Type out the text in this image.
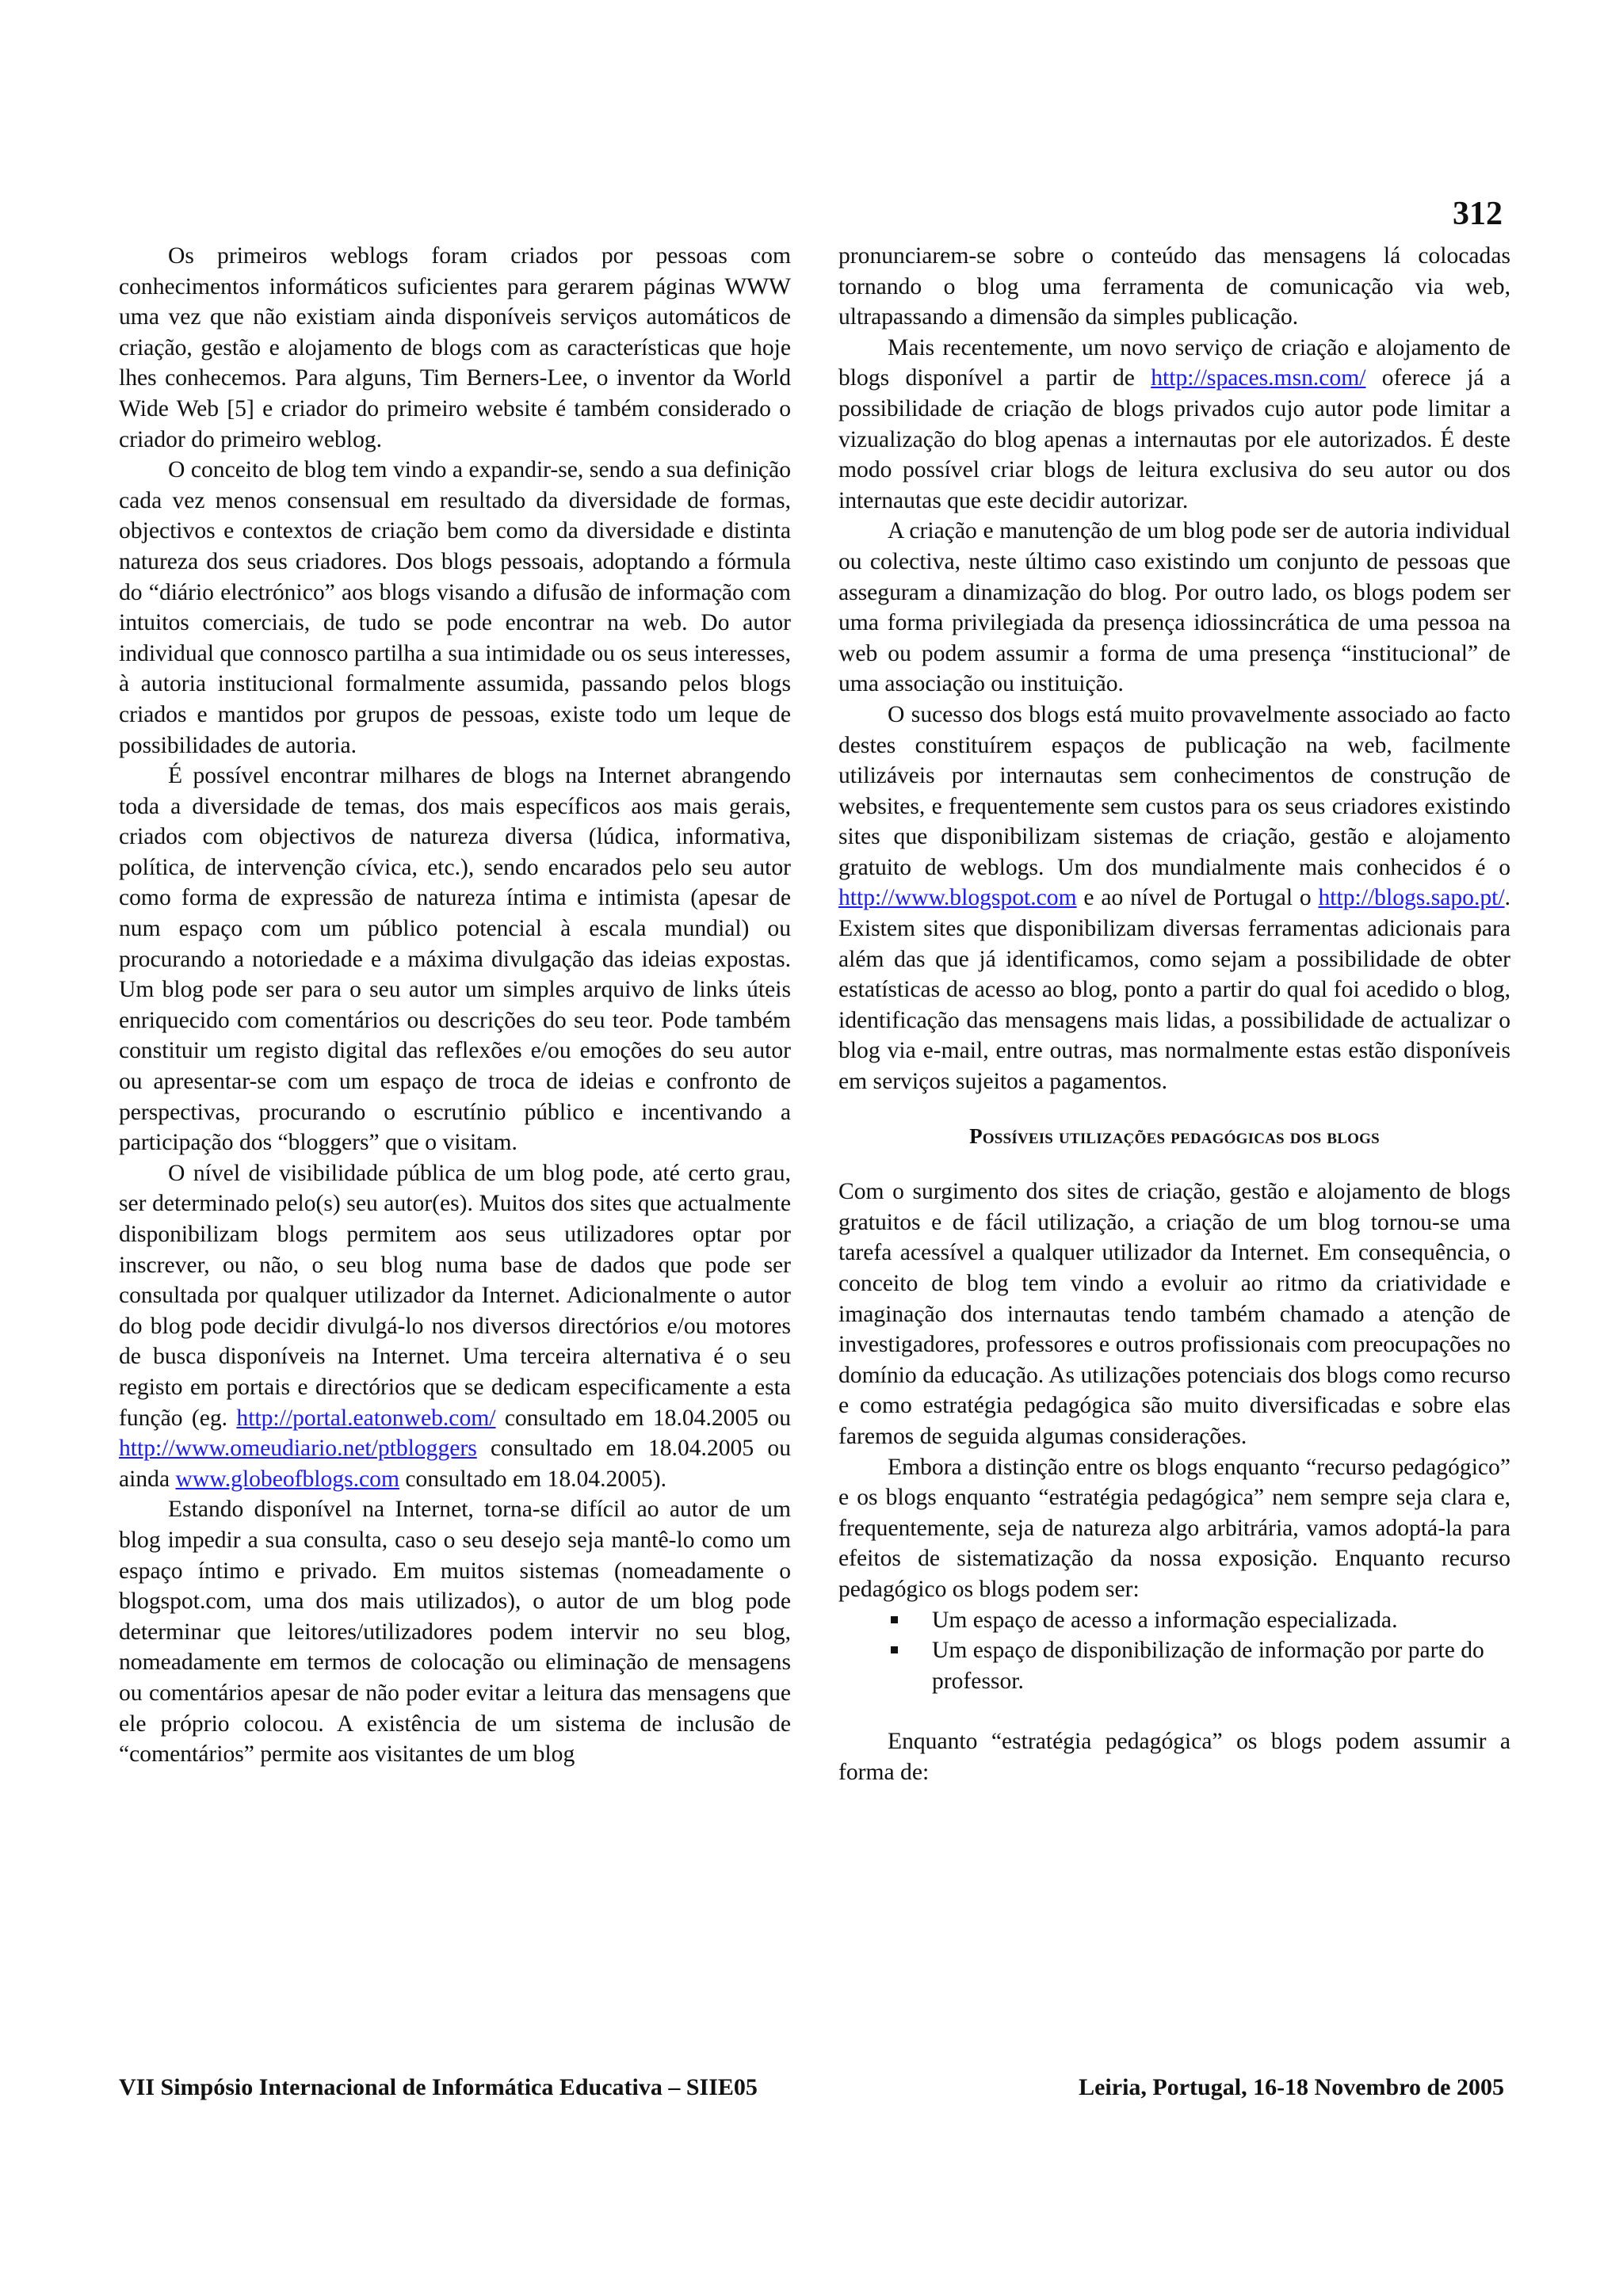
312

Os primeiros weblogs foram criados por pessoas com conhecimentos informáticos suficientes para gerarem páginas WWW uma vez que não existiam ainda disponíveis serviços automáticos de criação, gestão e alojamento de blogs com as características que hoje lhes conhecemos. Para alguns, Tim Berners-Lee, o inventor da World Wide Web [5] e criador do primeiro website é também considerado o criador do primeiro weblog.

O conceito de blog tem vindo a expandir-se, sendo a sua definição cada vez menos consensual em resultado da diversidade de formas, objectivos e contextos de criação bem como da diversidade e distinta natureza dos seus criadores. Dos blogs pessoais, adoptando a fórmula do “diário electrónico” aos blogs visando a difusão de informação com intuitos comerciais, de tudo se pode encontrar na web. Do autor individual que connosco partilha a sua intimidade ou os seus interesses, à autoria institucional formalmente assumida, passando pelos blogs criados e mantidos por grupos de pessoas, existe todo um leque de possibilidades de autoria.

É possível encontrar milhares de blogs na Internet abrangendo toda a diversidade de temas, dos mais específicos aos mais gerais, criados com objectivos de natureza diversa (lúdica, informativa, política, de intervenção cívica, etc.), sendo encarados pelo seu autor como forma de expressão de natureza íntima e intimista (apesar de num espaço com um público potencial à escala mundial) ou procurando a notoriedade e a máxima divulgação das ideias expostas. Um blog pode ser para o seu autor um simples arquivo de links úteis enriquecido com comentários ou descrições do seu teor. Pode também constituir um registo digital das reflexões e/ou emoções do seu autor ou apresentar-se com um espaço de troca de ideias e confronto de perspectivas, procurando o escrutínio público e incentivando a participação dos “bloggers” que o visitam.

O nível de visibilidade pública de um blog pode, até certo grau, ser determinado pelo(s) seu autor(es). Muitos dos sites que actualmente disponibilizam blogs permitem aos seus utilizadores optar por inscrever, ou não, o seu blog numa base de dados que pode ser consultada por qualquer utilizador da Internet. Adicionalmente o autor do blog pode decidir divulgá-lo nos diversos directórios e/ou motores de busca disponíveis na Internet. Uma terceira alternativa é o seu registo em portais e directórios que se dedicam especificamente a esta função (eg. http://portal.eatonweb.com/ consultado em 18.04.2005 ou http://www.omeudiario.net/ptbloggers consultado em 18.04.2005 ou ainda www.globeofblogs.com consultado em 18.04.2005).

Estando disponível na Internet, torna-se difícil ao autor de um blog impedir a sua consulta, caso o seu desejo seja mantê-lo como um espaço íntimo e privado. Em muitos sistemas (nomeadamente o blogspot.com, uma dos mais utilizados), o autor de um blog pode determinar que leitores/utilizadores podem intervir no seu blog, nomeadamente em termos de colocação ou eliminação de mensagens ou comentários apesar de não poder evitar a leitura das mensagens que ele próprio colocou. A existência de um sistema de inclusão de “comentários” permite aos visitantes de um blog

pronunciarem-se sobre o conteúdo das mensagens lá colocadas tornando o blog uma ferramenta de comunicação via web, ultrapassando a dimensão da simples publicação.

Mais recentemente, um novo serviço de criação e alojamento de blogs disponível a partir de http://spaces.msn.com/ oferece já a possibilidade de criação de blogs privados cujo autor pode limitar a vizualização do blog apenas a internautas por ele autorizados. É deste modo possível criar blogs de leitura exclusiva do seu autor ou dos internautas que este decidir autorizar.

A criação e manutenção de um blog pode ser de autoria individual ou colectiva, neste último caso existindo um conjunto de pessoas que asseguram a dinamização do blog. Por outro lado, os blogs podem ser uma forma privilegiada da presença idiossincrática de uma pessoa na web ou podem assumir a forma de uma presença “institucional” de uma associação ou instituição.

O sucesso dos blogs está muito provavelmente associado ao facto destes constituírem espaços de publicação na web, facilmente utilizáveis por internautas sem conhecimentos de construção de websites, e frequentemente sem custos para os seus criadores existindo sites que disponibilizam sistemas de criação, gestão e alojamento gratuito de weblogs. Um dos mundialmente mais conhecidos é o http://www.blogspot.com e ao nível de Portugal o http://blogs.sapo.pt/. Existem sites que disponibilizam diversas ferramentas adicionais para além das que já identificamos, como sejam a possibilidade de obter estatísticas de acesso ao blog, ponto a partir do qual foi acedido o blog, identificação das mensagens mais lidas, a possibilidade de actualizar o blog via e-mail, entre outras, mas normalmente estas estão disponíveis em serviços sujeitos a pagamentos.

Possíveis utilizações pedagógicas dos blogs

Com o surgimento dos sites de criação, gestão e alojamento de blogs gratuitos e de fácil utilização, a criação de um blog tornou-se uma tarefa acessível a qualquer utilizador da Internet. Em consequência, o conceito de blog tem vindo a evoluir ao ritmo da criatividade e imaginação dos internautas tendo também chamado a atenção de investigadores, professores e outros profissionais com preocupações no domínio da educação. As utilizações potenciais dos blogs como recurso e como estratégia pedagógica são muito diversificadas e sobre elas faremos de seguida algumas considerações.

Embora a distinção entre os blogs enquanto “recurso pedagógico” e os blogs enquanto “estratégia pedagógica” nem sempre seja clara e, frequentemente, seja de natureza algo arbitrária, vamos adoptá-la para efeitos de sistematização da nossa exposição. Enquanto recurso pedagógico os blogs podem ser:

Um espaço de acesso a informação especializada.
Um espaço de disponibilização de informação por parte do professor.

Enquanto “estratégia pedagógica” os blogs podem assumir a forma de:

VII Simpósio Internacional de Informática Educativa – SIIE05	Leiria, Portugal, 16-18 Novembro de 2005
